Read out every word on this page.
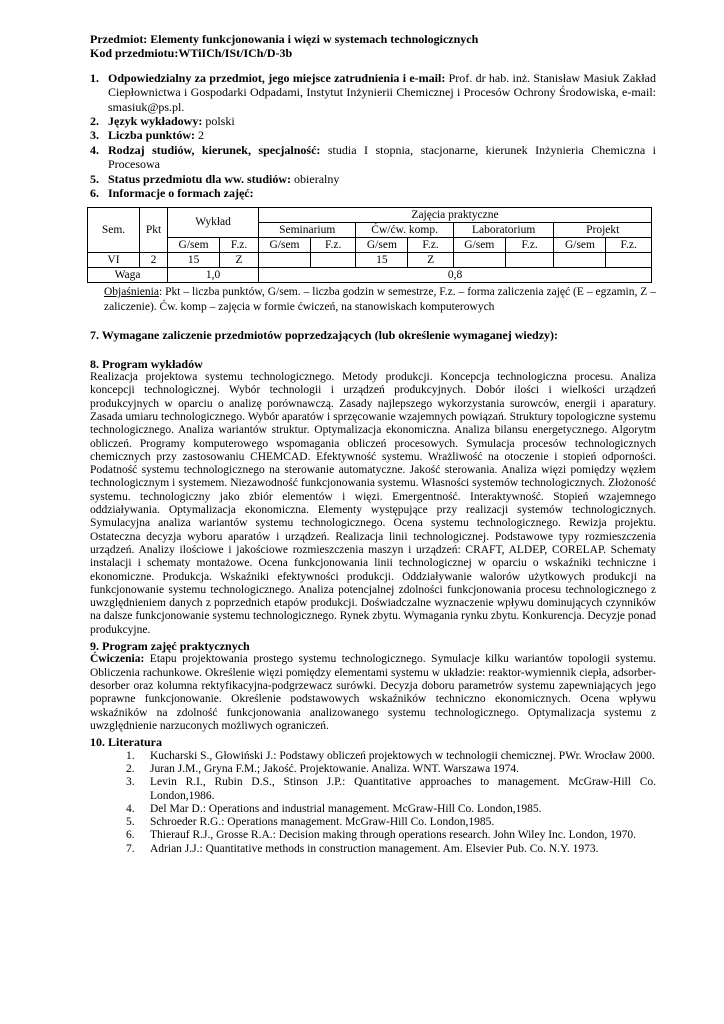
Przedmiot: Elementy funkcjonowania i więzi w systemach technologicznych
Kod przedmiotu:WTiICh/ISt/ICh/D-3b
1. Odpowiedzialny za przedmiot, jego miejsce zatrudnienia i e-mail: Prof. dr hab. inż. Stanisław Masiuk Zakład Ciepłownictwa i Gospodarki Odpadami, Instytut Inżynierii Chemicznej i Procesów Ochrony Środowiska, e-mail: smasiuk@ps.pl.
2. Język wykładowy: polski
3. Liczba punktów: 2
4. Rodzaj studiów, kierunek, specjalność: studia I stopnia, stacjonarne, kierunek Inżynieria Chemiczna i Procesowa
5. Status przedmiotu dla ww. studiów: obieralny
6. Informacje o formach zajęć:
Sem.	Pkt	Wykład		Zajęcia praktyczne							
				Seminarium		Ćw/ćw. komp.		Laboratorium		Projekt	
		G/sem	F.z.	G/sem	F.z.	G/sem	F.z.	G/sem	F.z.	G/sem	F.z.
VI	2	15	Z			15	Z				
Waga		1,0		0,8							
Objaśnienia: Pkt – liczba punktów, G/sem. – liczba godzin w semestrze, F.z. – forma zaliczenia zajęć (E – egzamin, Z – zaliczenie). Ćw. komp – zajęcia w formie ćwiczeń, na stanowiskach komputerowych
7. Wymagane zaliczenie przedmiotów poprzedzających (lub określenie wymaganej wiedzy):
8. Program wykładów
Realizacja projektowa systemu technologicznego. Metody produkcji. Koncepcja technologiczna procesu. Analiza koncepcji technologicznej. Wybór technologii i urządzeń produkcyjnych. Dobór ilości i wielkości urządzeń produkcyjnych w oparciu o analizę porównawczą. Zasady najlepszego wykorzystania surowców, energii i aparatury. Zasada umiaru technologicznego. Wybór aparatów i sprzęcowanie wzajemnych powiązań. Struktury topologiczne systemu technologicznego. Analiza wariantów struktur. Optymalizacja ekonomiczna. Analiza bilansu energetycznego. Algorytm obliczeń. Programy komputerowego wspomagania obliczeń procesowych. Symulacja procesów technologicznych chemicznych przy zastosowaniu CHEMCAD. Efektywność systemu. Wrażliwość na otoczenie i stopień odporności. Podatność systemu technologicznego na sterowanie automatyczne. Jakość sterowania. Analiza więzi pomiędzy węzłem technologicznym i systemem. Niezawodność funkcjonowania systemu. Własności systemów technologicznych. Złożoność systemu. technologiczny jako zbiór elementów i więzi. Emergentność. Interaktywność. Stopień wzajemnego oddziaływania. Optymalizacja ekonomiczna. Elementy występujące przy realizacji systemów technologicznych. Symulacyjna analiza wariantów systemu technologicznego. Ocena systemu technologicznego. Rewizja projektu. Ostateczna decyzja wyboru aparatów i urządzeń. Realizacja linii technologicznej. Podstawowe typy rozmieszczenia urządzeń. Analizy ilościowe i jakościowe rozmieszczenia maszyn i urządzeń: CRAFT, ALDEP, CORELAP. Schematy instalacji i schematy montażowe. Ocena funkcjonowania linii technologicznej w oparciu o wskaźniki techniczne i ekonomiczne. Produkcja. Wskaźniki efektywności produkcji. Oddziaływanie walorów użytkowych produkcji na funkcjonowanie systemu technologicznego. Analiza potencjalnej zdolności funkcjonowania procesu technologicznego z uwzględnieniem danych z poprzednich etapów produkcji. Doświadczalne wyznaczenie wpływu dominujących czynników na dalsze funkcjonowanie systemu technologicznego. Rynek zbytu. Wymagania rynku zbytu. Konkurencja. Decyzje ponad produkcyjne.
9. Program zajęć praktycznych
Ćwiczenia: Etapu projektowania prostego systemu technologicznego. Symulacje kilku wariantów topologii systemu. Obliczenia rachunkowe. Określenie więzi pomiędzy elementami systemu w układzie: reaktor-wymiennik ciepła, adsorber-desorber oraz kolumna rektyfikacyjna-podgrzewacz surówki. Decyzja doboru parametrów systemu zapewniających jego poprawne funkcjonowanie. Określenie podstawowych wskaźników techniczno ekonomicznych. Ocena wpływu wskaźników na zdolność funkcjonowania analizowanego systemu technologicznego. Optymalizacja systemu z uwzględnienie narzuconych możliwych ograniczeń.
10. Literatura
1. Kucharski S., Głowiński J.: Podstawy obliczeń projektowych w technologii chemicznej. PWr. Wrocław 2000.
2. Juran J.M., Gryna F.M.; Jakość. Projektowanie. Analiza. WNT. Warszawa 1974.
3. Levin R.I., Rubin D.S., Stinson J.P.: Quantitative approaches to management. McGraw-Hill Co. London,1986.
4. Del Mar D.: Operations and industrial management. McGraw-Hill Co. London,1985.
5. Schroeder R.G.: Operations management. McGraw-Hill Co. London,1985.
6. Thierauf R.J., Grosse R.A.: Decision making through operations research. John Wiley Inc. London, 1970.
7. Adrian J.J.: Quantitative methods in construction management. Am. Elsevier Pub. Co. N.Y. 1973.
